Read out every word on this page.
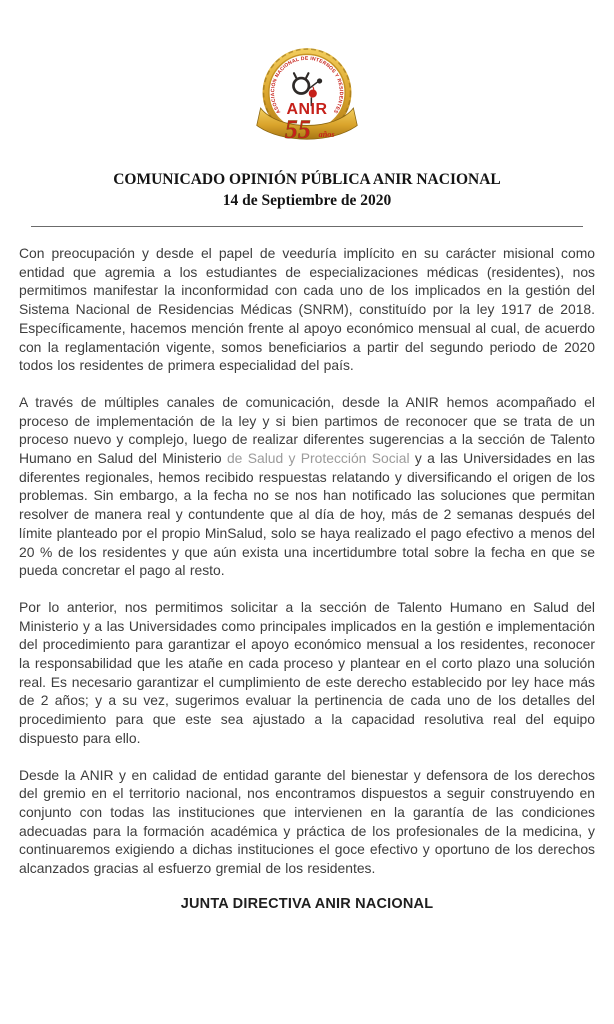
ASOCIACIÓN NACIONAL DE INTERNOS Y RESIDENTES
ANIR
55 años
COMUNICADO OPINIÓN PÚBLICA ANIR NACIONAL
14 de Septiembre de 2020

Con preocupación y desde el papel de veeduría implícito en su carácter misional como entidad que agremia a los estudiantes de especializaciones médicas (residentes), nos permitimos manifestar la inconformidad con cada uno de los implicados en la gestión del Sistema Nacional de Residencias Médicas (SNRM), constituído por la ley 1917 de 2018. Específicamente, hacemos mención frente al apoyo económico mensual al cual, de acuerdo con la reglamentación vigente, somos beneficiarios a partir del segundo periodo de 2020 todos los residentes de primera especialidad del país.

A través de múltiples canales de comunicación, desde la ANIR hemos acompañado el proceso de implementación de la ley y si bien partimos de reconocer que se trata de un proceso nuevo y complejo, luego de realizar diferentes sugerencias a la sección de Talento Humano en Salud del Ministerio de Salud y Protección Social y a las Universidades en las diferentes regionales, hemos recibido respuestas relatando y diversificando el origen de los problemas. Sin embargo, a la fecha no se nos han notificado las soluciones que permitan resolver de manera real y contundente que al día de hoy, más de 2 semanas después del límite planteado por el propio MinSalud, solo se haya realizado el pago efectivo a menos del 20 % de los residentes y que aún exista una incertidumbre total sobre la fecha en que se pueda concretar el pago al resto.

Por lo anterior, nos permitimos solicitar a la sección de Talento Humano en Salud del Ministerio y a las Universidades como principales implicados en la gestión e implementación del procedimiento para garantizar el apoyo económico mensual a los residentes, reconocer la responsabilidad que les atañe en cada proceso y plantear en el corto plazo una solución real. Es necesario garantizar el cumplimiento de este derecho establecido por ley hace más de 2 años; y a su vez, sugerimos evaluar la pertinencia de cada uno de los detalles del procedimiento para que este sea ajustado a la capacidad resolutiva real del equipo dispuesto para ello.

Desde la ANIR y en calidad de entidad garante del bienestar y defensora de los derechos del gremio en el territorio nacional, nos encontramos dispuestos a seguir construyendo en conjunto con todas las instituciones que intervienen en la garantía de las condiciones adecuadas para la formación académica y práctica de los profesionales de la medicina, y continuaremos exigiendo a dichas instituciones el goce efectivo y oportuno de los derechos alcanzados gracias al esfuerzo gremial de los residentes.

JUNTA DIRECTIVA ANIR NACIONAL
